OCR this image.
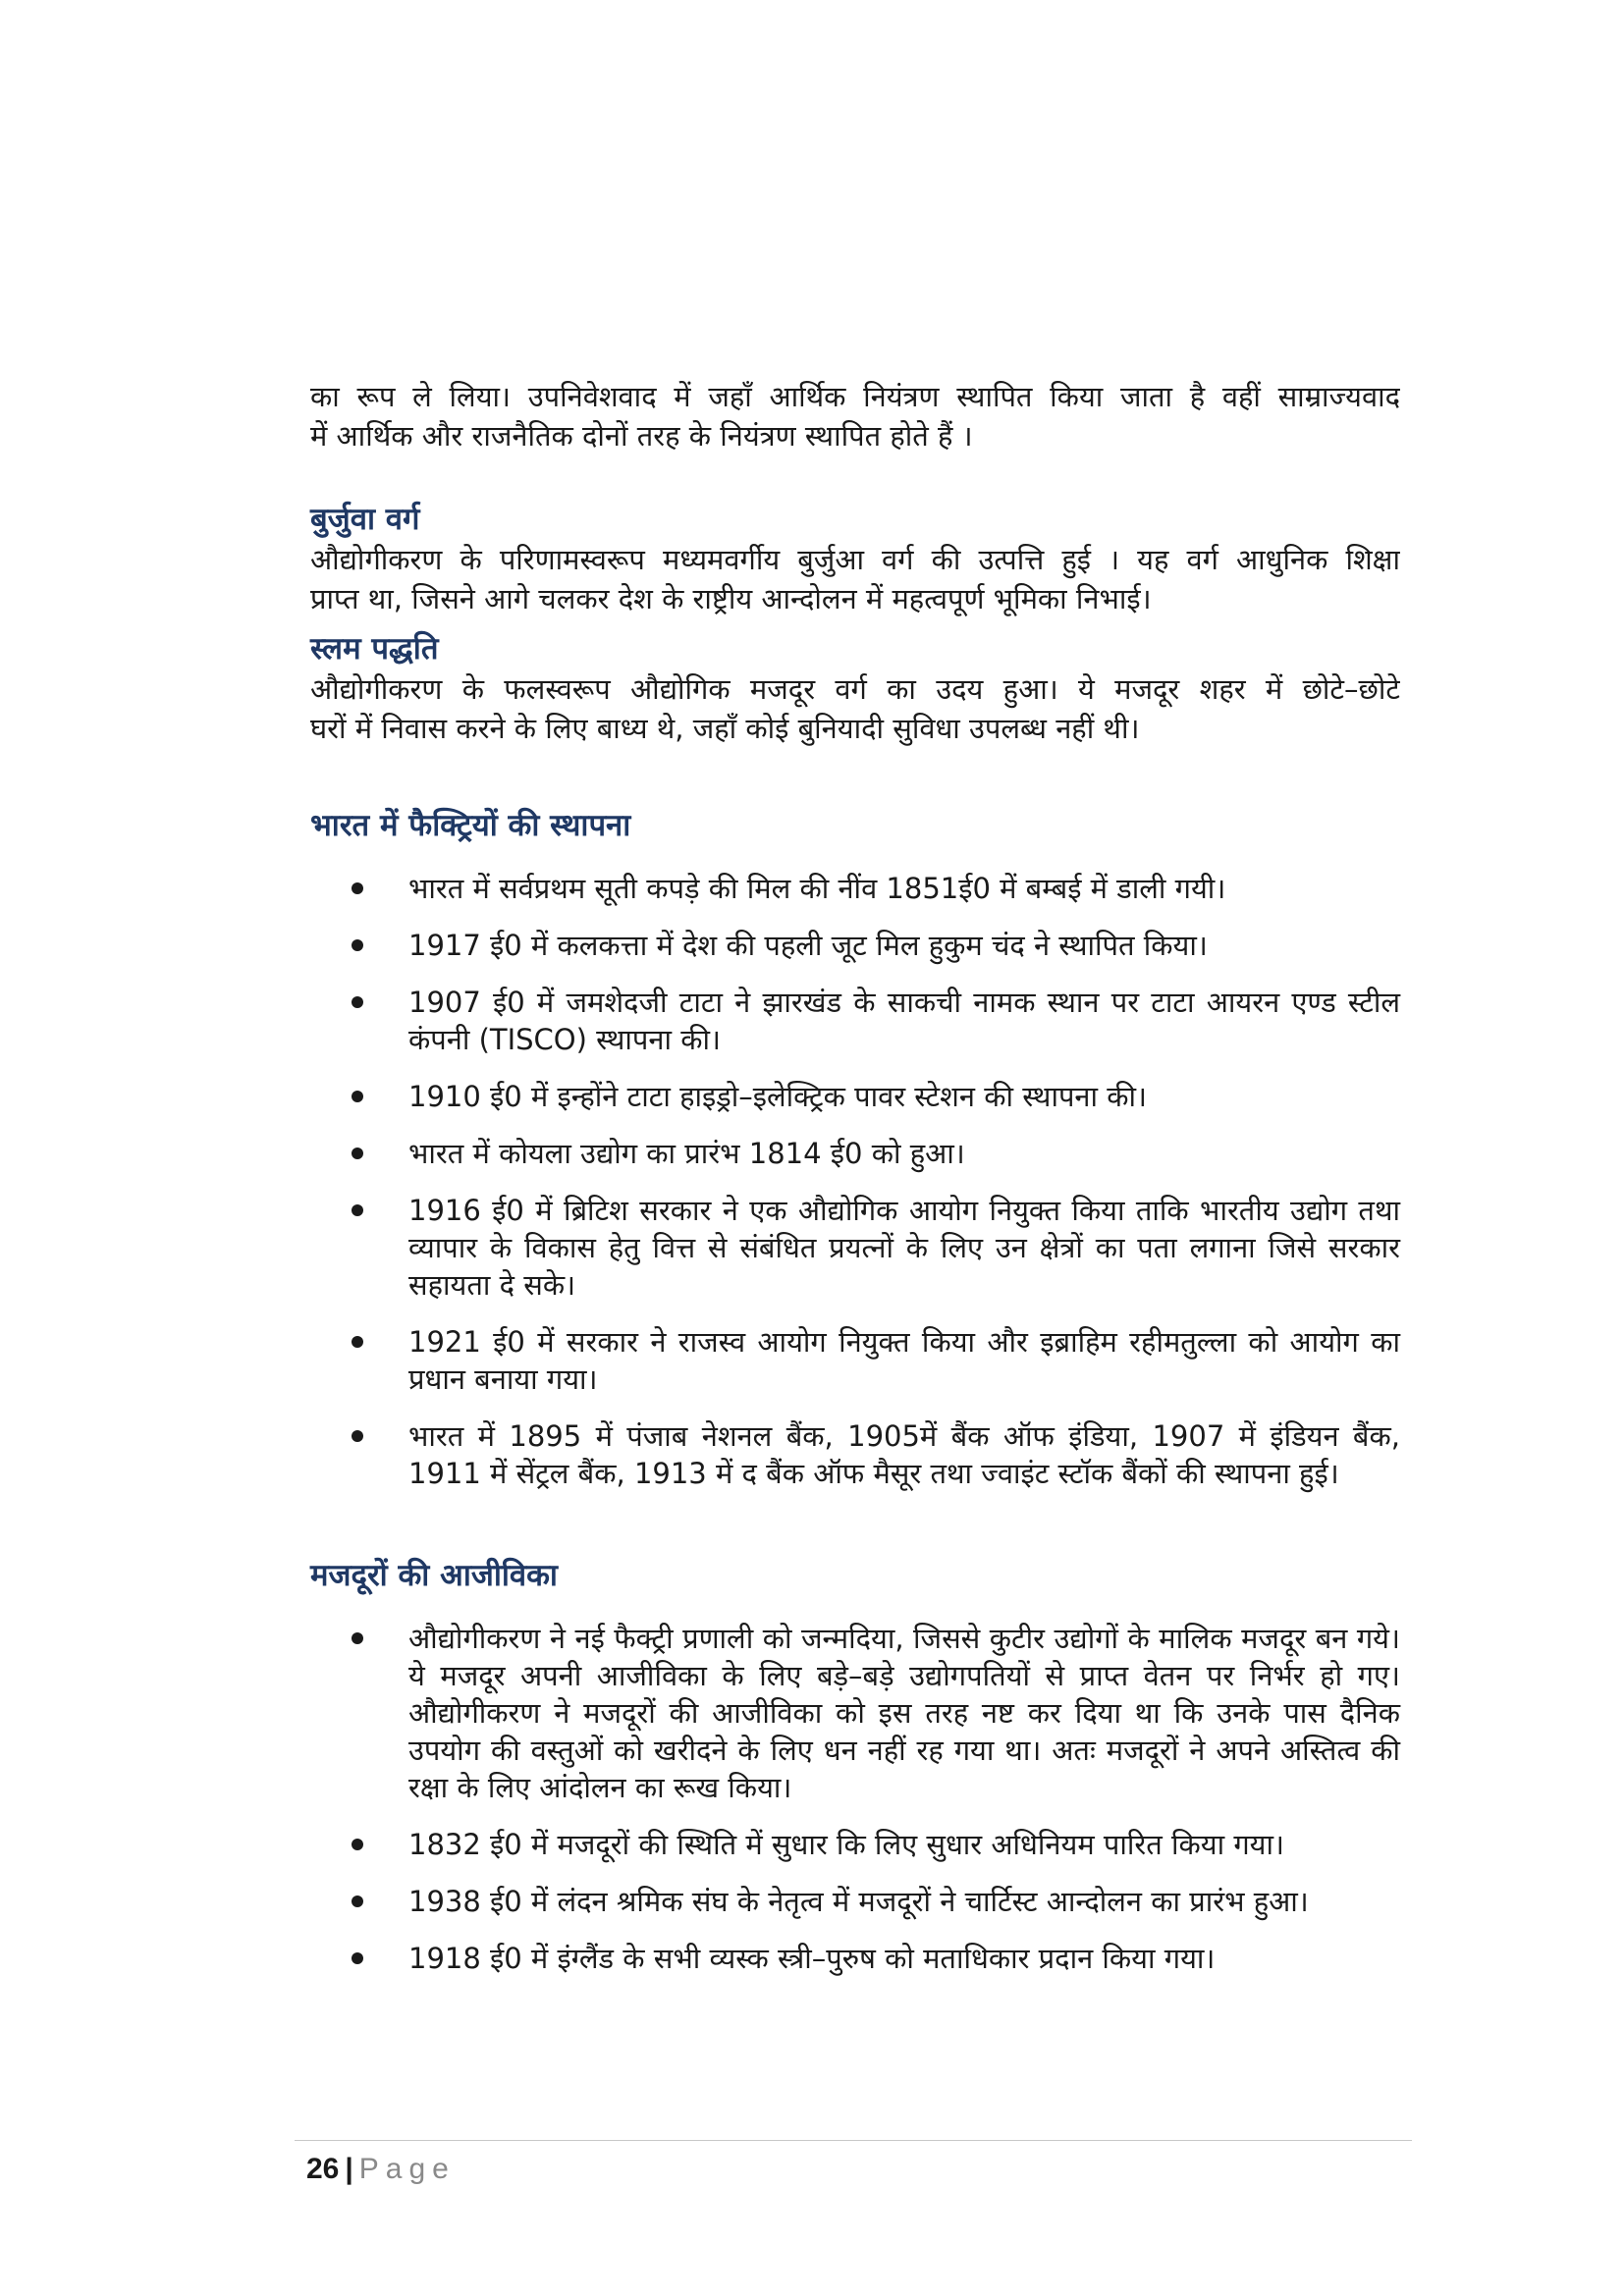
का रूप ले लिया। उपनिवेशवाद में जहाँ आर्थिक नियंत्रण स्थापित किया जाता है वहीं साम्राज्यवाद
में आर्थिक और राजनैतिक दोनों तरह के नियंत्रण स्थापित होते हैं ।

बुर्जुवा वर्ग

औद्योगीकरण के परिणामस्वरूप मध्यमवर्गीय बुर्जुआ वर्ग की उत्पत्ति हुई । यह वर्ग आधुनिक शिक्षा
प्राप्त था, जिसने आगे चलकर देश के राष्ट्रीय आन्दोलन में महत्वपूर्ण भूमिका निभाई।

स्लम पद्धति

औद्योगीकरण के फलस्वरूप औद्योगिक मजदूर वर्ग का उदय हुआ। ये मजदूर शहर में छोटे–छोटे
घरों में निवास करने के लिए बाध्य थे, जहाँ कोई बुनियादी सुविधा उपलब्ध नहीं थी।

भारत में फैक्ट्रियों की स्थापना
भारत में सर्वप्रथम सूती कपड़े की मिल की नींव 1851ई0 में बम्बई में डाली गयी।
1917 ई0 में कलकत्ता में देश की पहली जूट मिल हुकुम चंद ने स्थापित किया।
1907 ई0 में जमशेदजी टाटा ने झारखंड के साकची नामक स्थान पर टाटा आयरन एण्ड स्टील कंपनी (TISCO) स्थापना की।
1910 ई0 में इन्होंने टाटा हाइड्रो–इलेक्ट्रिक पावर स्टेशन की स्थापना की।
भारत में कोयला उद्योग का प्रारंभ 1814 ई0 को हुआ।
1916 ई0 में ब्रिटिश सरकार ने एक औद्योगिक आयोग नियुक्त किया ताकि भारतीय उद्योग तथा व्यापार के विकास हेतु वित्त से संबंधित प्रयत्नों के लिए उन क्षेत्रों का पता लगाना जिसे सरकार सहायता दे सके।
1921 ई0 में सरकार ने राजस्व आयोग नियुक्त किया और इब्राहिम रहीमतुल्ला को आयोग का प्रधान बनाया गया।
भारत में 1895 में पंजाब नेशनल बैंक, 1905में बैंक ऑफ इंडिया, 1907 में इंडियन बैंक, 1911 में सेंट्रल बैंक, 1913 में द बैंक ऑफ मैसूर तथा ज्वाइंट स्टॉक बैंकों की स्थापना हुई।
मजदूरों की आजीविका
औद्योगीकरण ने नई फैक्ट्री प्रणाली को जन्मदिया, जिससे कुटीर उद्योगों के मालिक मजदूर बन गये। ये मजदूर अपनी आजीविका के लिए बड़े–बड़े उद्योगपतियों से प्राप्त वेतन पर निर्भर हो गए। औद्योगीकरण ने मजदूरों की आजीविका को इस तरह नष्ट कर दिया था कि उनके पास दैनिक उपयोग की वस्तुओं को खरीदने के लिए धन नहीं रह गया था। अतः मजदूरों ने अपने अस्तित्व की रक्षा के लिए आंदोलन का रूख किया।
1832 ई0 में मजदूरों की स्थिति में सुधार कि लिए सुधार अधिनियम पारित किया गया।
1938 ई0 में लंदन श्रमिक संघ के नेतृत्व में मजदूरों ने चार्टिस्ट आन्दोलन का प्रारंभ हुआ।
1918 ई0 में इंग्लैंड के सभी व्यस्क स्त्री–पुरुष को मताधिकार प्रदान किया गया।
26 | Page
